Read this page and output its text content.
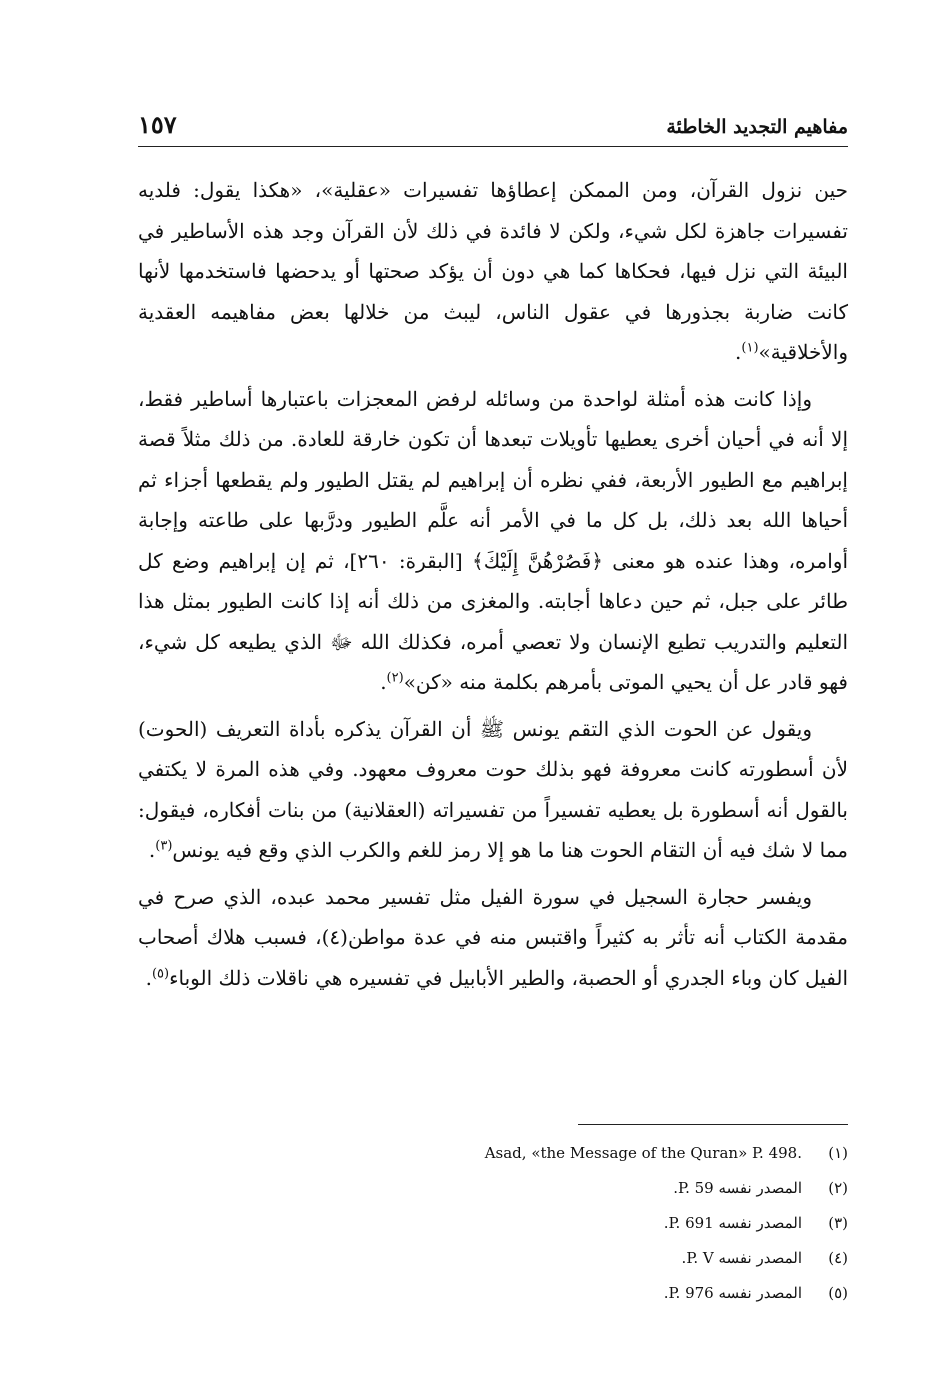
مفاهيم التجديد الخاطئة
١٥٧

حين نزول القرآن، ومن الممكن إعطاؤها تفسيرات «عقلية»، «هكذا يقول: فلديه تفسيرات جاهزة لكل شيء، ولكن لا فائدة في ذلك لأن القرآن وجد هذه الأساطير في البيئة التي نزل فيها، فحكاها كما هي دون أن يؤكد صحتها أو يدحضها فاستخدمها لأنها كانت ضاربة بجذورها في عقول الناس، ليبث من خلالها بعض مفاهيمه العقدية والأخلاقية»$^{(١)}$.

وإذا كانت هذه أمثلة لواحدة من وسائله لرفض المعجزات باعتبارها أساطير فقط، إلا أنه في أحيان أخرى يعطيها تأويلات تبعدها أن تكون خارقة للعادة. من ذلك مثلاً قصة إبراهيم مع الطيور الأربعة، ففي نظره أن إبراهيم لم يقتل الطيور ولم يقطعها أجزاء ثم أحياها الله بعد ذلك، بل كل ما في الأمر أنه علَّم الطيور ودرَّبها على طاعته وإجابة أوامره، وهذا عنده هو معنى ﴿فَصُرْهُنَّ إِلَيْكَ﴾ [البقرة: ٢٦٠]، ثم إن إبراهيم وضع كل طائر على جبل، ثم حين دعاها أجابته. والمغزى من ذلك أنه إذا كانت الطيور بمثل هذا التعليم والتدريب تطيع الإنسان ولا تعصي أمره، فكذلك الله ﷻ الذي يطيعه كل شيء، فهو قادر عل أن يحيي الموتى بأمرهم بكلمة منه «كن»$^{(٢)}$.

ويقول عن الحوت الذي التقم يونس ﷺ أن القرآن يذكره بأداة التعريف (الحوت) لأن أسطورته كانت معروفة فهو بذلك حوت معروف معهود. وفي هذه المرة لا يكتفي بالقول أنه أسطورة بل يعطيه تفسيراً من تفسيراته (العقلانية) من بنات أفكاره، فيقول: مما لا شك فيه أن التقام الحوت هنا ما هو إلا رمز للغم والكرب الذي وقع فيه يونس$^{(٣)}$.

ويفسر حجارة السجيل في سورة الفيل مثل تفسير محمد عبده، الذي صرح في مقدمة الكتاب أنه تأثر به كثيراً واقتبس منه في عدة مواطن(٤)، فسبب هلاك أصحاب الفيل كان وباء الجدري أو الحصبة، والطير الأبابيل في تفسيره هي ناقلات ذلك الوباء$^{(٥)}$.

(١)
Asad, «the Message of the Quran» P. 498.
(٢)
المصدر نفسه P. 59.
(٣)
المصدر نفسه P. 691.
(٤)
المصدر نفسه P. V.
(٥)
المصدر نفسه P. 976.
